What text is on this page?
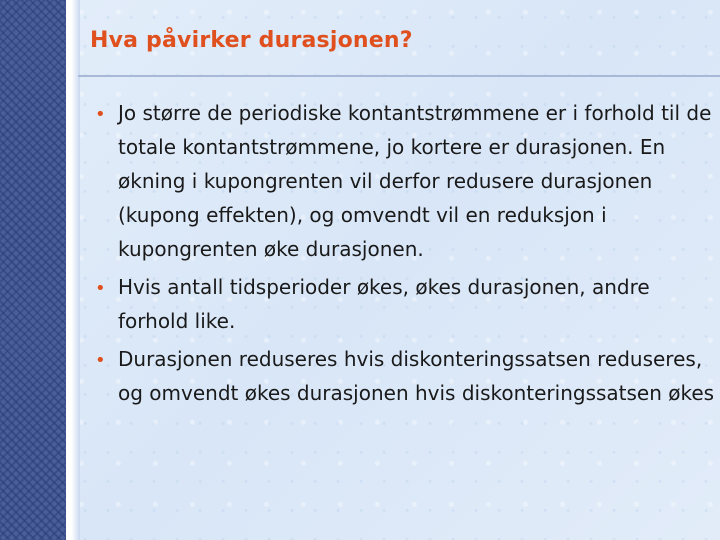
Hva påvirker durasjonen?
• Jo større de periodiske kontantstrømmene er i forhold til de totale kontantstrømmene, jo kortere er durasjonen. En økning i kupongrenten vil derfor redusere durasjonen (kupong effekten), og omvendt vil en reduksjon i kupongrenten øke durasjonen.
• Hvis antall tidsperioder økes, økes durasjonen, andre forhold like.
• Durasjonen reduseres hvis diskonteringssatsen reduseres, og omvendt økes durasjonen hvis diskonteringssatsen økes
